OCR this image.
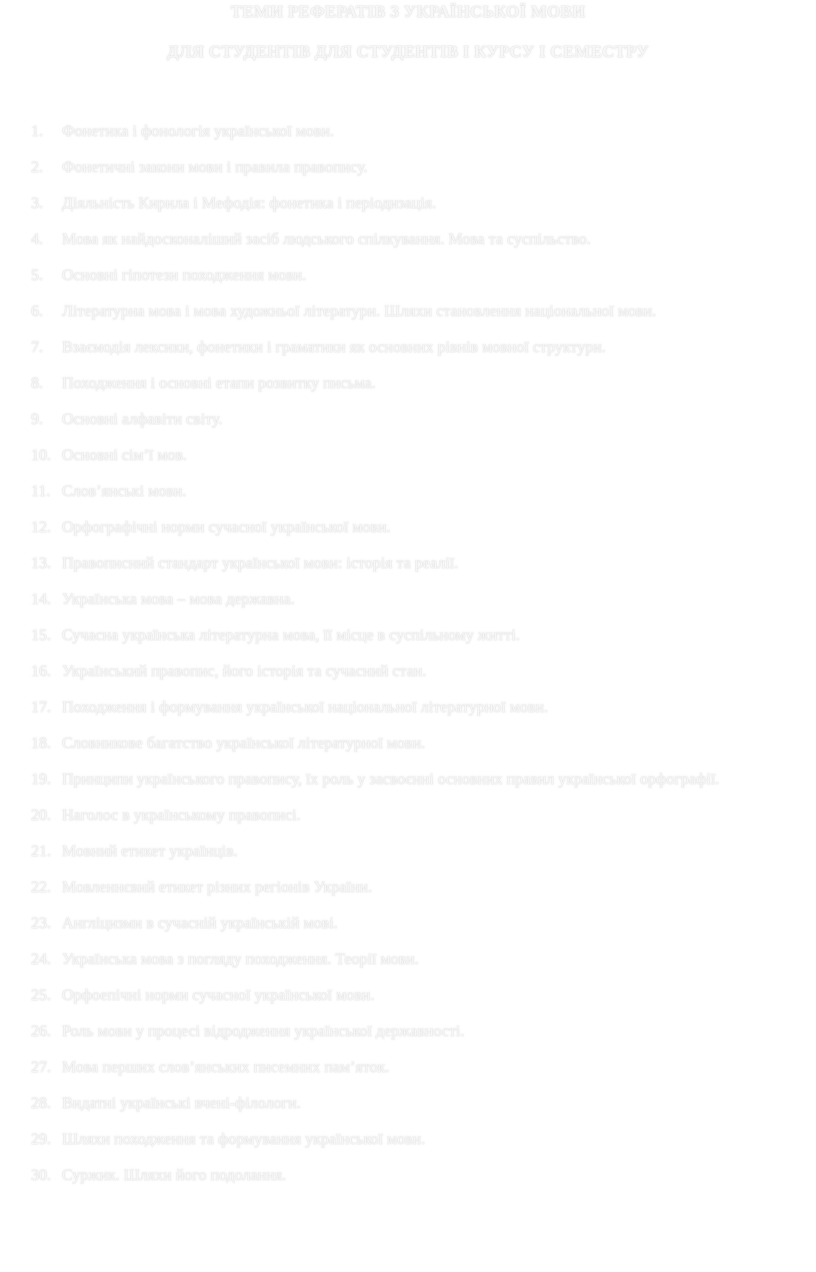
ТЕМИ РЕФЕРАТІВ З УКРАЇНСЬКОЇ МОВИ
ДЛЯ СТУДЕНТІВ ДЛЯ СТУДЕНТІВ І КУРСУ І СЕМЕСТРУ
1. Фонетика і фонологія української мови.
2. Фонетичні закони мови і правила правопису.
3. Діяльність Кирила і Мефодія: фонетика і періодизація.
4. Мова як найдосконаліший засіб людського спілкування. Мова та суспільство.
5. Основні гіпотези походження мови.
6. Літературна мова і мова художньої літератури. Шляхи становлення національної мови.
7. Взаємодія лексики, фонетики і граматики як основних рівнів мовної структури.
8. Походження і основні етапи розвитку письма.
9. Основні алфавіти світу.
10. Основні сім’ї мов.
11. Слов’янські мови.
12. Орфографічні норми сучасної української мови.
13. Правописний стандарт української мови: історія та реалії.
14. Українська мова – мова державна.
15. Сучасна українська літературна мова, її місце в суспільному житті.
16. Український правопис, його історія та сучасний стан.
17. Походження і формування української національної літературної мови.
18. Словникове багатство української літературної мови.
19. Принципи українського правопису, їх роль у засвоєнні основних правил української орфографії.
20. Наголос в українському правописі.
21. Мовний етикет українців.
22. Мовленнєвий етикет різних регіонів України.
23. Англіцизми в сучасній українській мові.
24. Українська мова з погляду походження. Теорії мови.
25. Орфоепічні норми сучасної української мови.
26. Роль мови у процесі відродження української державності.
27. Мова перших слов’янських писемних пам’яток.
28. Видатні українські вчені-філологи.
29. Шляхи походження та формування української мови.
30. Суржик. Шляхи його подолання.
